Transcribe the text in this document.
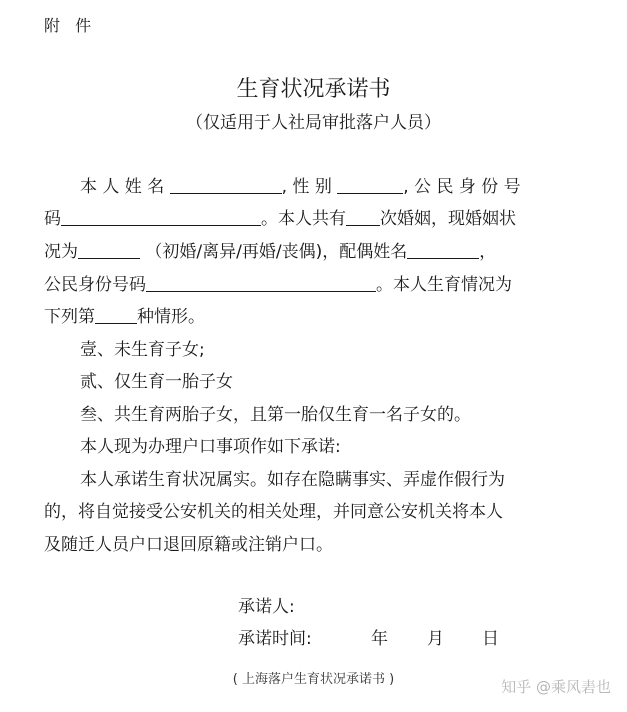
附 件
生育状况承诺书
（仅适用于人社局审批落户人员）
本 人 姓 名	, 性 别	, 公 民 身 份 号
码	。本人共有 次婚姻，现婚姻状
况为	（初婚/离异/再婚/丧偶)，配偶姓名	，
公民身份号码	。本人生育情况为
下列第 种情形。
壹、未生育子女;
贰、仅生育一胎子女
叁、共生育两胎子女，且第一胎仅生育一名子女的。
本人现为办理户口事项作如下承诺:
本人承诺生育状况属实。如存在隐瞒事实、弄虚作假行为
的，将自觉接受公安机关的相关处理，并同意公安机关将本人
及随迁人员户口退回原籍或注销户口。
承诺人:
承诺时间:	年 月 日
( 上海落户生育状况承诺书 )	知乎 @乘风砉也
